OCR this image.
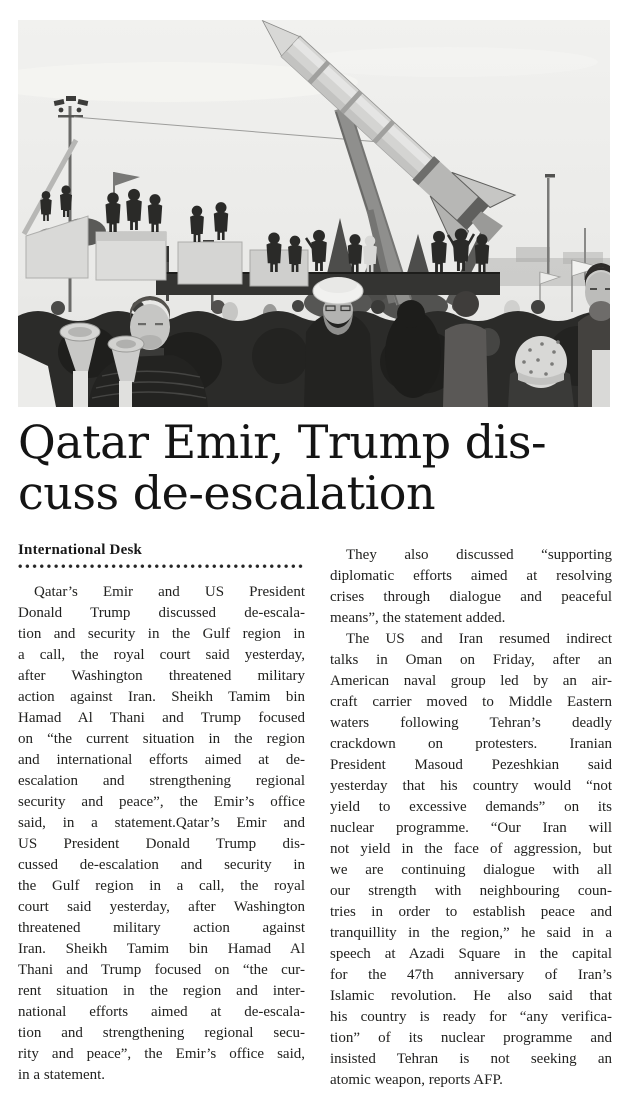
Qatar Emir, Trump dis-
cuss de-escalation
International Desk
Qatar’s Emir and US President
Donald Trump discussed de-escala-
tion and security in the Gulf region in
a call, the royal court said yesterday,
after Washington threatened military
action against Iran. Sheikh Tamim bin
Hamad Al Thani and Trump focused
on “the current situation in the region
and international efforts aimed at de-
escalation and strengthening regional
security and peace”, the Emir’s office
said, in a statement.Qatar’s Emir and
US President Donald Trump dis-
cussed de-escalation and security in
the Gulf region in a call, the royal
court said yesterday, after Washington
threatened military action against
Iran. Sheikh Tamim bin Hamad Al
Thani and Trump focused on “the cur-
rent situation in the region and inter-
national efforts aimed at de-escala-
tion and strengthening regional secu-
rity and peace”, the Emir’s office said,
in a statement.
They also discussed “supporting
diplomatic efforts aimed at resolving
crises through dialogue and peaceful
means”, the statement added.
The US and Iran resumed indirect
talks in Oman on Friday, after an
American naval group led by an air-
craft carrier moved to Middle Eastern
waters following Tehran’s deadly
crackdown on protesters. Iranian
President Masoud Pezeshkian said
yesterday that his country would “not
yield to excessive demands” on its
nuclear programme. “Our Iran will
not yield in the face of aggression, but
we are continuing dialogue with all
our strength with neighbouring coun-
tries in order to establish peace and
tranquillity in the region,” he said in a
speech at Azadi Square in the capital
for the 47th anniversary of Iran’s
Islamic revolution. He also said that
his country is ready for “any verifica-
tion” of its nuclear programme and
insisted Tehran is not seeking an
atomic weapon, reports AFP.
